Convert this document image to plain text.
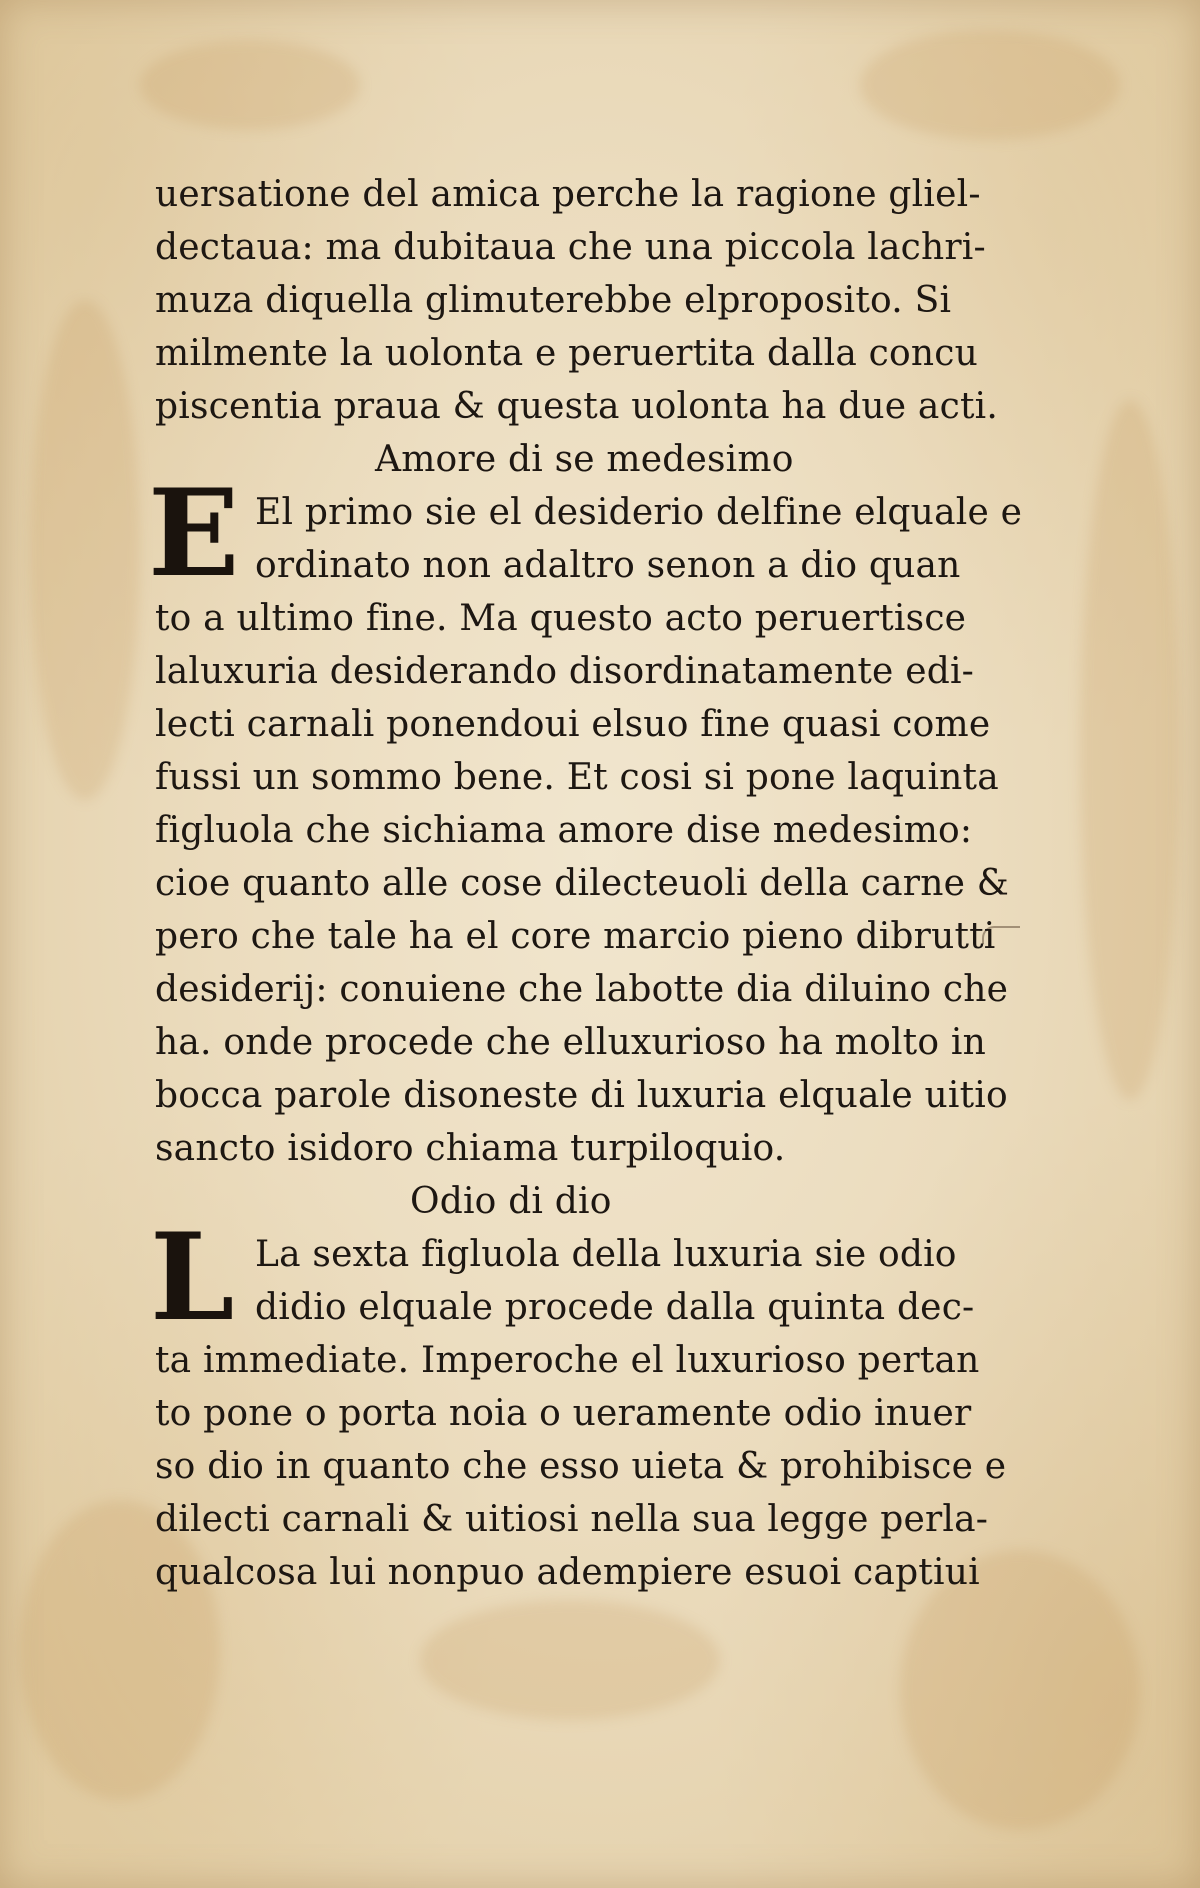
E
L
uersatione del amica perche la ragione gliel-
dectaua: ma dubitaua che una piccola lachri-
muza diquella glimuterebbe elproposito. Si
milmente la uolonta e peruertita dalla concu
piscentia praua & questa uolonta ha due acti.
Amore di se medesimo
El primo sie el desiderio delfine elquale e
ordinato non adaltro senon a dio quan
to a ultimo fine. Ma questo acto peruertisce
laluxuria desiderando disordinatamente edi-
lecti carnali ponendoui elsuo fine quasi come
fussi un sommo bene. Et cosi si pone laquinta
figluola che sichiama amore dise medesimo:
cioe quanto alle cose dilecteuoli della carne &
pero che tale ha el core marcio pieno dibrutti
desiderij: conuiene che labotte dia diluino che
ha. onde procede che elluxurioso ha molto in
bocca parole disoneste di luxuria elquale uitio
sancto isidoro chiama turpiloquio.
Odio di dio
La sexta figluola della luxuria sie odio
didio elquale procede dalla quinta dec-
ta immediate. Imperoche el luxurioso pertan
to pone o porta noia o ueramente odio inuer
so dio in quanto che esso uieta & prohibisce e
dilecti carnali & uitiosi nella sua legge perla-
qualcosa lui nonpuo adempiere esuoi captiui
